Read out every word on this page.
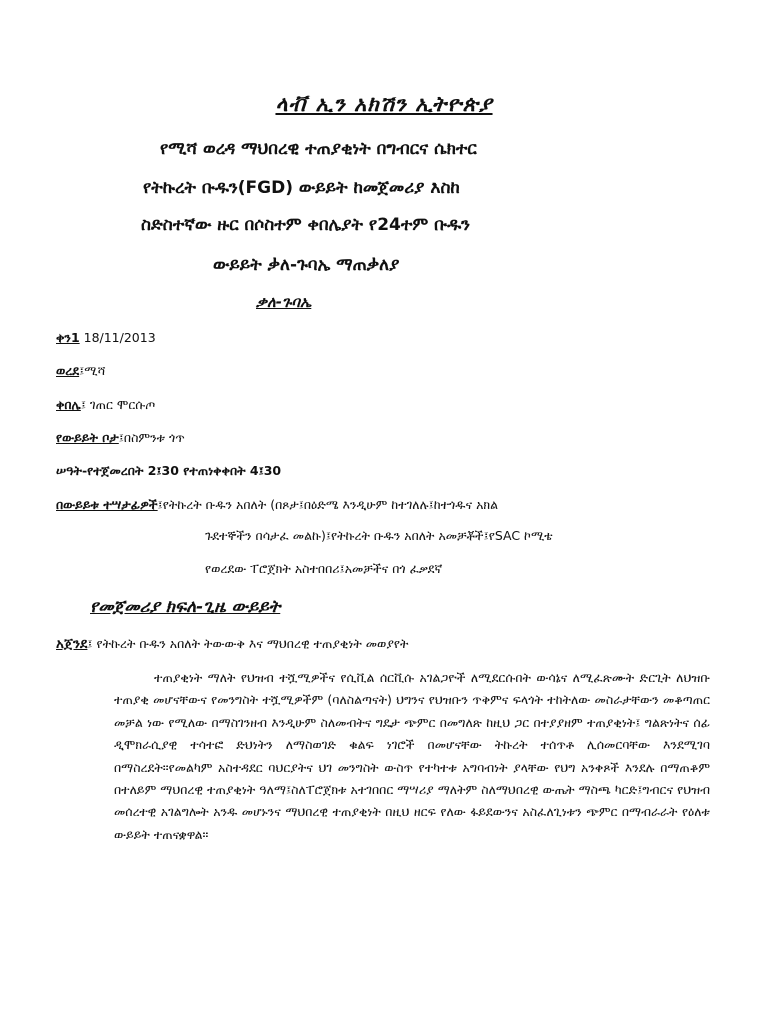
ላቭ ኢን አክሽን ኢትዮጵያ
የሚሻ ወረዳ ማህበረዊ ተጠያቂነት በግብርና ሴክተር
የትኩረት ቡዱን(FGD) ውይይት ከመጀመሪያ እስከ
ስድስተኛው ዙር በሶስተም ቀበሌያት የ24ተም ቡዱን
ውይይት ቃለ-ጉባኤ ማጠቃለያ
ቃለ-ጉባኤ
ቀን1 18/11/2013
ወረደ፤ሚሻ
ቀበሌ፤ ገጠር ሞርሱጦ
የውይይት ቦታ፤በስምንቱ ጎጥ
ሠዓት-የተጀመረበት 2፤30 የተጠነቀቀበት 4፤30
በውይይቱ ተሣታፊዎች፤የትኩረት ቡዱን አበለት (በጾታ፤በዕድሜ እንዲሁም ከተገለሉ፤ከተጎዱና አክል
ጉደተኞችን በሳታፈ መልኩ)፤የትኩረት ቡዱን አበለት አመቻቾች፤የSAC ኮሚቴ
የወረደው ፐሮጀክት አስተበበሪ፤አመቻችና በጎ ፈቃደኛ
የመጀመሪያ ክፍለ-ጊዜ ውይይት
አጀንደ፤ የትኩረት ቡዱን አበለት ትውውቅ እና ማህበረዊ ተጠያቂነት መወያየት
ተጠያቂነት ማለት የህዝብ ተሿሚዎችና የሲቪል ሰርቪሱ አገልጋዮች ለሚደርሱበት ውሳኔና ለሚፈጽሙት ድርጊት ለህዝቡ ተጠያቂ መሆናቸውና የመንግስት ተሿሚዎችም (ባለስልጣናት) ህግንና የህዝቡን ጥቅምና ፍላጎት ተከትለው መስራታቸውን መቆጣጠር መቻል ነው የሚለው በማስገንዘብ እንዲሁም ስለመብትና ግዴታ ጭምር በመግለጽ ከዚህ ጋር በተያያዘም ተጠያቂነት፤ ግልጽነትና ሰፊ ዲሞክራሲያዊ ተሳተፎ ድህነትን ለማስወገድ ቁልፍ ነገሮች በመሆናቸው ትኩረት ተሰጥቶ ሊሰመርባቸው እንደሚገባ በማስረደት።የመልካም አስተዳደር ባህርያትና ህገ መንግስት ውስጥ የተካተቱ አግባብነት ያላቸው የህግ አንቀጾች እንደሉ በማጠቆም በተለይም ማህበረዊ ተጠያቂነት ዓለማ፤ስለፐሮጀክቱ አተገበበር ማሣሪያ ማለትም ስለማህበረዊ ውጤት ማስጫ ካርድ፤ግብርና የህዝብ መሰረተዊ አገልግሎት አንዱ መሆኑንና ማህበረዊ ተጠያቂነት በዚህ ዘርፍ የለው ፋይደውንና አስፈለጊነቱን ጭምር በማብራራት የዕለቱ ውይይት ተጠናቋዋል።
